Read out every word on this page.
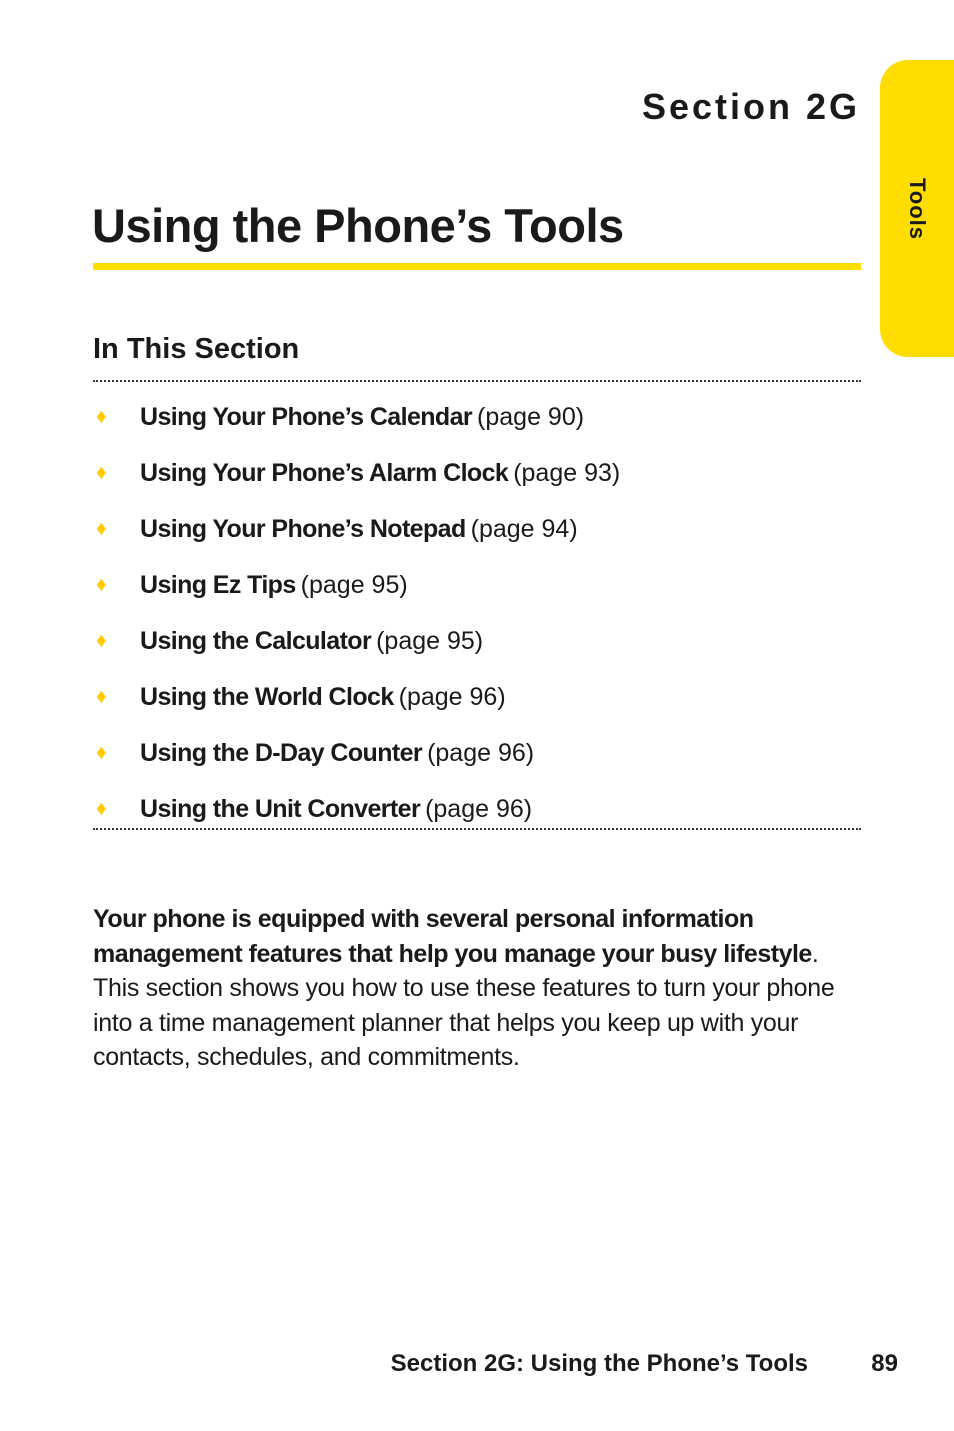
Tools
Section 2G
Using the Phone’s Tools
In This Section
♦	Using Your Phone’s Calendar (page 90)
♦	Using Your Phone’s Alarm Clock (page 93)
♦	Using Your Phone’s Notepad (page 94)
♦	Using Ez Tips (page 95)
♦	Using the Calculator (page 95)
♦	Using the World Clock (page 96)
♦	Using the D-Day Counter (page 96)
♦	Using the Unit Converter (page 96)

Your phone is equipped with several personal information management features that help you manage your busy lifestyle. This section shows you how to use these features to turn your phone into a time management planner that helps you keep up with your contacts, schedules, and commitments.

Section 2G: Using the Phone’s Tools	89
